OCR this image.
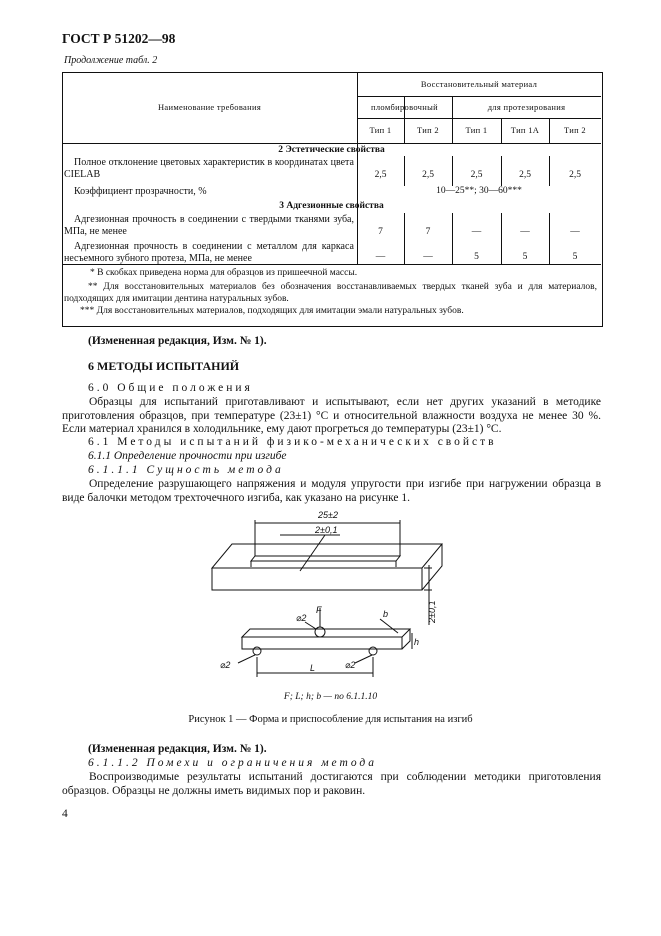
ГОСТ Р 51202—98
Продолжение табл. 2
Наименование требования
Восстановительный материал
пломбировочный	для протезирования
Тип 1	Тип 2	Тип 1	Тип 1А	Тип 2
2 Эстетические свойства
Полное отклонение цветовых характеристик в координатах цвета CIELAB	2,5	2,5	2,5	2,5	2,5
Коэффициент прозрачности, %	10—25**; 30—60***
3 Адгезионные свойства
Адгезионная прочность в соединении с твердыми тканями зуба, МПа, не менее	7	7	—	—	—
Адгезионная прочность в соединении с металлом для каркаса несъемного зубного протеза, МПа, не менее	—	—	5	5	5
* В скобках приведена норма для образцов из пришеечной массы.
** Для восстановительных материалов без обозначения восстанавливаемых твердых тканей зуба и для материалов, подходящих для имитации дентина натуральных зубов.
*** Для восстановительных материалов, подходящих для имитации эмали натуральных зубов.
(Измененная редакция, Изм. № 1).
6 МЕТОДЫ ИСПЫТАНИЙ
6.0 Общие положения
Образцы для испытаний приготавливают и испытывают, если нет других указаний в методике приготовления образцов, при температуре (23±1) °С и относительной влажности воздуха не менее 30 %. Если материал хранился в холодильнике, ему дают прогреться до температуры (23±1) °С.
6.1 Методы испытаний физико-механических свойств
6.1.1 Определение прочности при изгибе
6.1.1.1 Сущность метода
Определение разрушающего напряжения и модуля упругости при изгибе при нагружении образца в виде балочки методом трехточечного изгиба, как указано на рисунке 1.
25±2
2±0,1
2±0,1
⌀2
⌀2	⌀2
F	b
h
L
F; L; h; b — по 6.1.1.10
Рисунок 1 — Форма и приспособление для испытания на изгиб
(Измененная редакция, Изм. № 1).
6.1.1.2 Помехи и ограничения метода
Воспроизводимые результаты испытаний достигаются при соблюдении методики приготовления образцов. Образцы не должны иметь видимых пор и раковин.
4
